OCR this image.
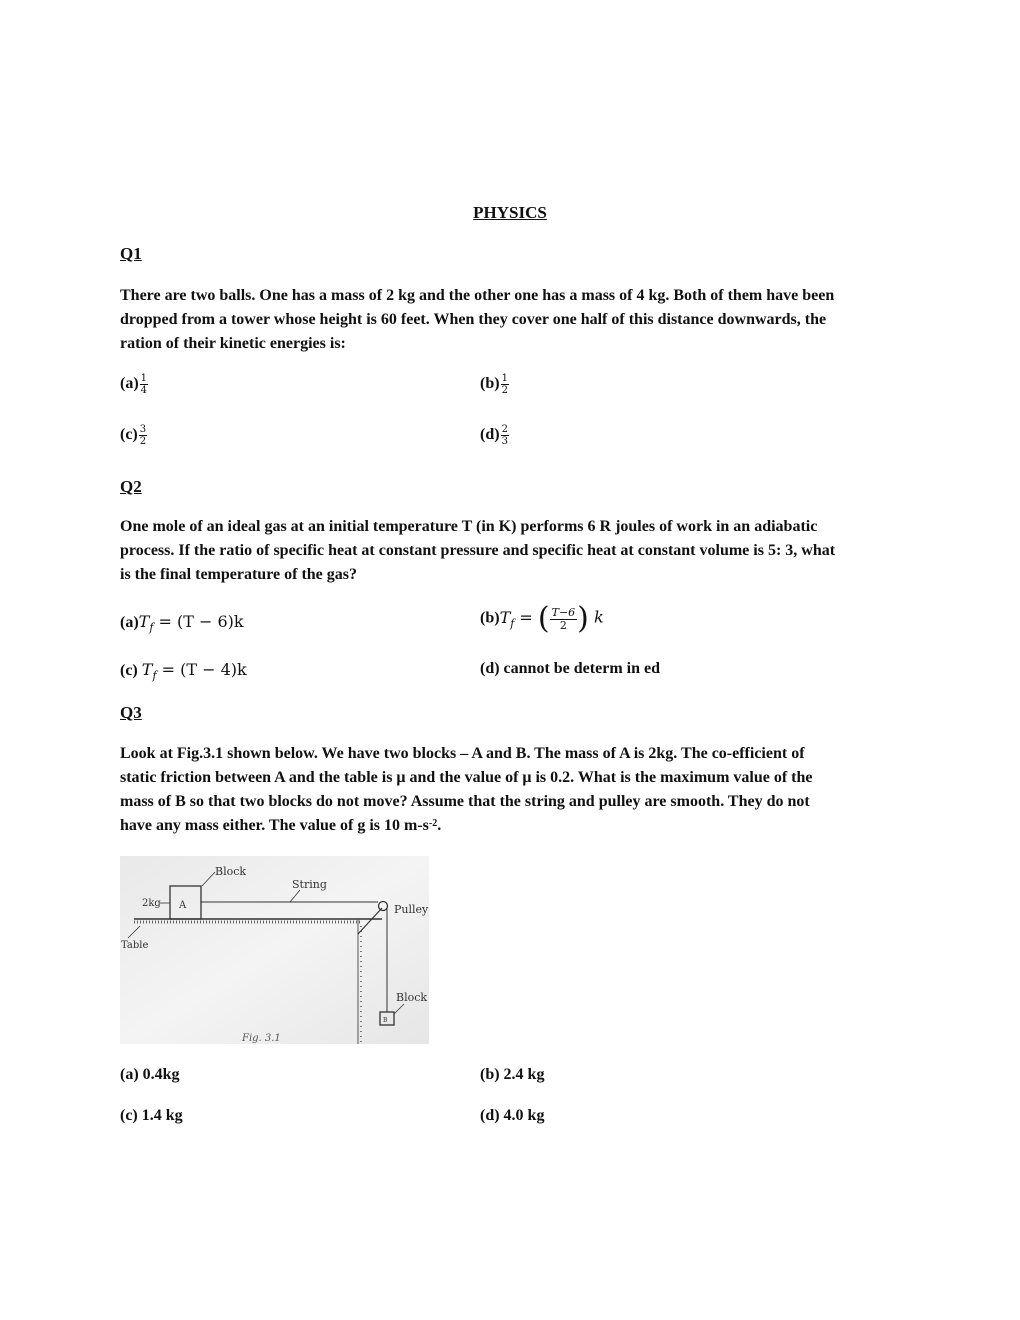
PHYSICS
Q1
There are two balls. One has a mass of 2 kg and the other one has a mass of 4 kg. Both of them have been
dropped from a tower whose height is 60 feet. When they cover one half of this distance downwards, the
ration of their kinetic energies is:
$(a) \frac{1}{4}$	$(b) \frac{1}{2}$
$(c) \frac{3}{2}$	$(d) \frac{2}{3}$
Q2
One mole of an ideal gas at an initial temperature T (in K) performs 6 R joules of work in an adiabatic
process. If the ratio of specific heat at constant pressure and specific heat at constant volume is 5: 3, what
is the final temperature of the gas?
$(a)T_f = (T - 6)k$	$(b)T_f$ = ( $\frac{T-6}{2}$ ) k
(c) $T_f = (T - 4)k$	(d) cannot be determ in ed
Q3
Look at Fig.3.1 shown below. We have two blocks – A and B. The mass of A is 2kg. The co-efficient of
static friction between A and the table is μ and the value of μ is 0.2. What is the maximum value of the
mass of B so that two blocks do not move? Assume that the string and pulley are smooth. They do not
have any mass either. The value of g is 10 $m-s^{-2}$.
A
B
Block
String
2kg	Pulley
Table
Block
Fig. 3.1
(a) 0.4kg	(b) 2.4 kg
(c) 1.4 kg	(d) 4.0 kg
